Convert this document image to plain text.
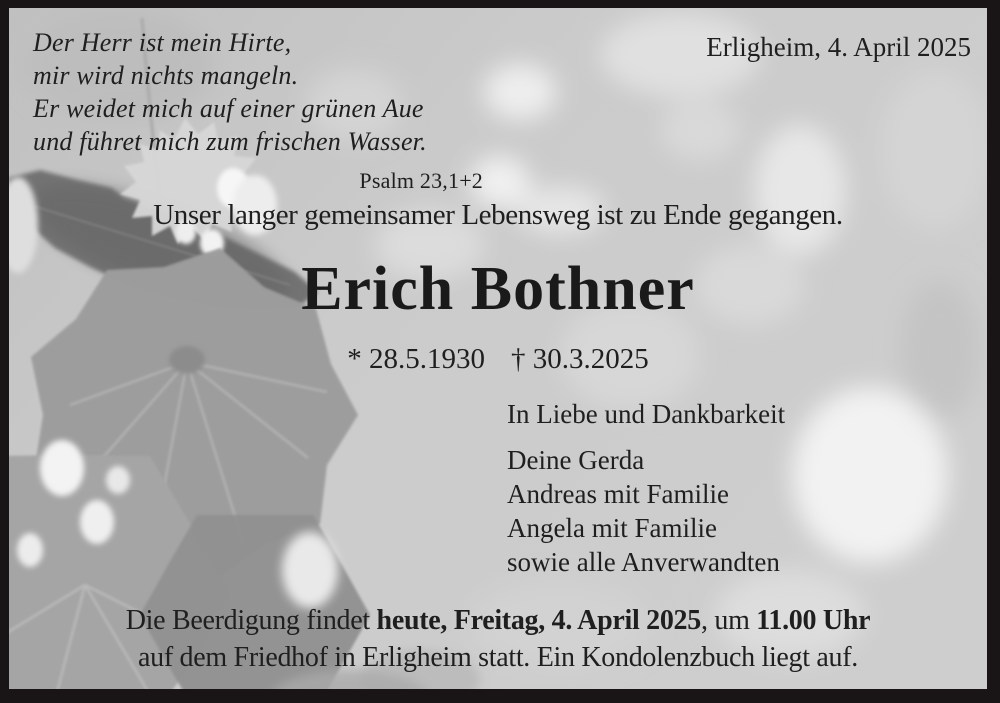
Der Herr ist mein Hirte,
mir wird nichts mangeln.
Er weidet mich auf einer grünen Aue
und führet mich zum frischen Wasser.
Psalm 23,1+2
Erligheim, 4. April 2025
Unser langer gemeinsamer Lebensweg ist zu Ende gegangen.
Erich Bothner
* 28.5.1930 † 30.3.2025
In Liebe und Dankbarkeit
Deine Gerda
Andreas mit Familie
Angela mit Familie
sowie alle Anverwandten
Die Beerdigung findet heute, Freitag, 4. April 2025, um 11.00 Uhr
auf dem Friedhof in Erligheim statt. Ein Kondolenzbuch liegt auf.
